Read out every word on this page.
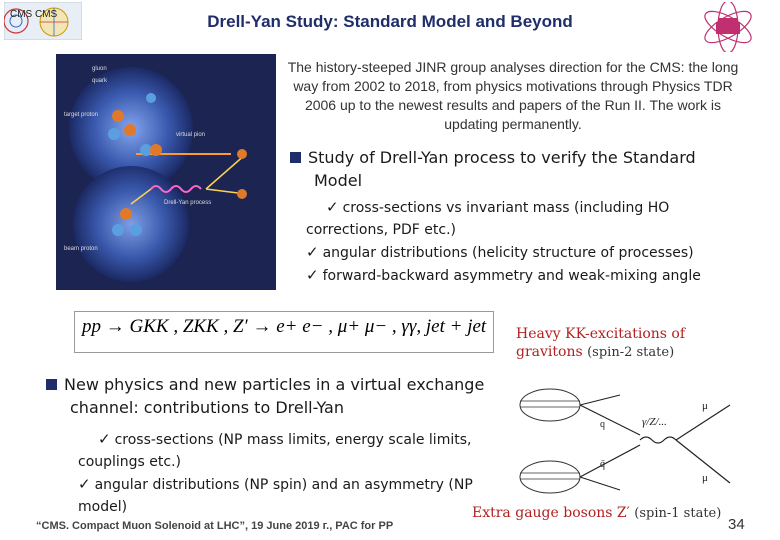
Drell-Yan Study: Standard Model and Beyond
CMS CMS
The history-steeped JINR group analyses direction for the CMS: the long way from 2002 to 2018, from physics motivations through Physics TDR 2006 up to the newest results and papers of the Run II. The work is updating permanently.
gluon
quark
target proton
virtual pion
Drell-Yan process
beam proton
Study of Drell-Yan process to verify the Standard
Model
✓ cross-sections vs invariant mass (including HO
corrections, PDF etc.)
✓ angular distributions (helicity structure of processes)
✓ forward-backward asymmetry and weak-mixing angle
pp → GKK , ZKK , Z′ → e+ e− , μ+ μ− , γγ, jet + jet Heavy KK-excitations of
gravitons (spin-2 state)
New physics and new particles in a virtual exchange
channel: contributions to Drell-Yan
✓ cross-sections (NP mass limits, energy scale limits,
couplings etc.)
✓ angular distributions (NP spin) and an asymmetry (NP
model)
q
q̄
γ/Z/...
μ
μ
Extra gauge bosons Z′ (spin-1 state)
“CMS. Compact Muon Solenoid at LHC”, 19 June 2019 г., PAC for PP	34
